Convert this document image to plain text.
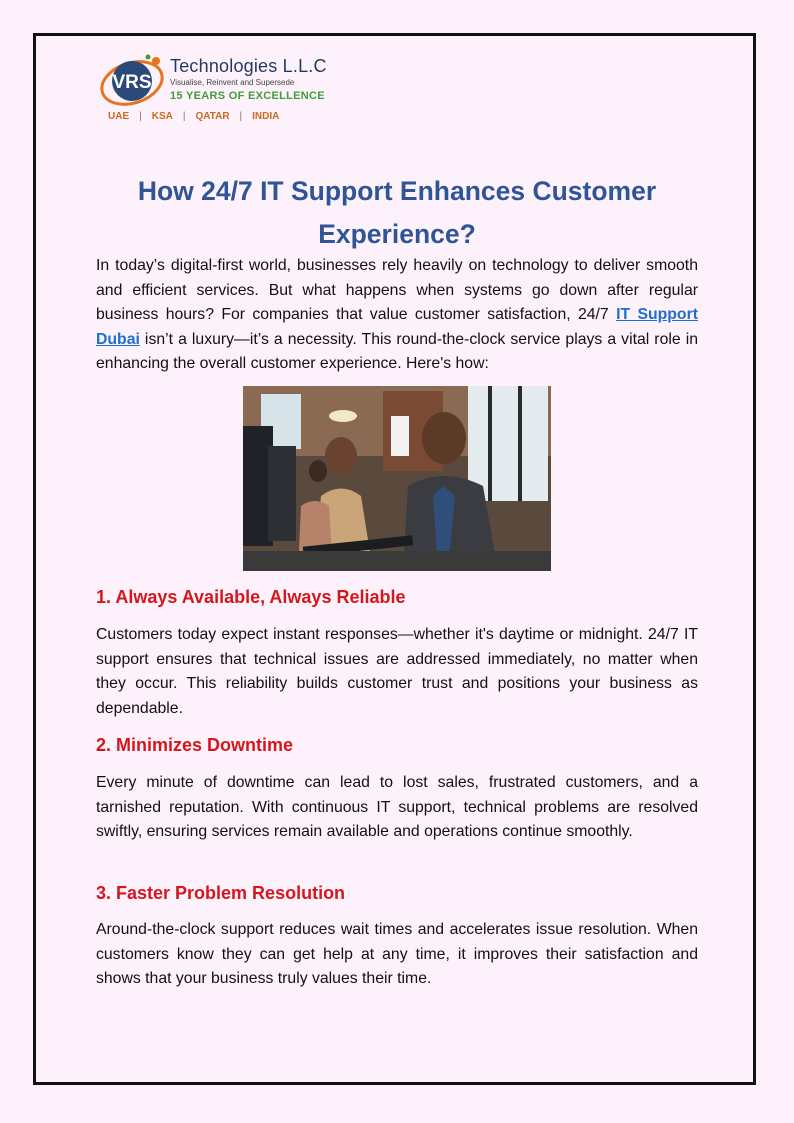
VRS
Technologies L.L.C
Visualise, Reinvent and Supersede
15 YEARS OF EXCELLENCE
UAE	|	KSA	|	QATAR	|	INDIA
How 24/7 IT Support Enhances Customer Experience?

In today’s digital-first world, businesses rely heavily on technology to deliver smooth and efficient services. But what happens when systems go down after regular business hours? For companies that value customer satisfaction, 24/7 IT Support Dubai isn’t a luxury—it’s a necessity. This round-the-clock service plays a vital role in enhancing the overall customer experience. Here's how:

1. Always Available, Always Reliable

Customers today expect instant responses—whether it's daytime or midnight. 24/7 IT support ensures that technical issues are addressed immediately, no matter when they occur. This reliability builds customer trust and positions your business as dependable.

2. Minimizes Downtime

Every minute of downtime can lead to lost sales, frustrated customers, and a tarnished reputation. With continuous IT support, technical problems are resolved swiftly, ensuring services remain available and operations continue smoothly.

3. Faster Problem Resolution

Around-the-clock support reduces wait times and accelerates issue resolution. When customers know they can get help at any time, it improves their satisfaction and shows that your business truly values their time.
